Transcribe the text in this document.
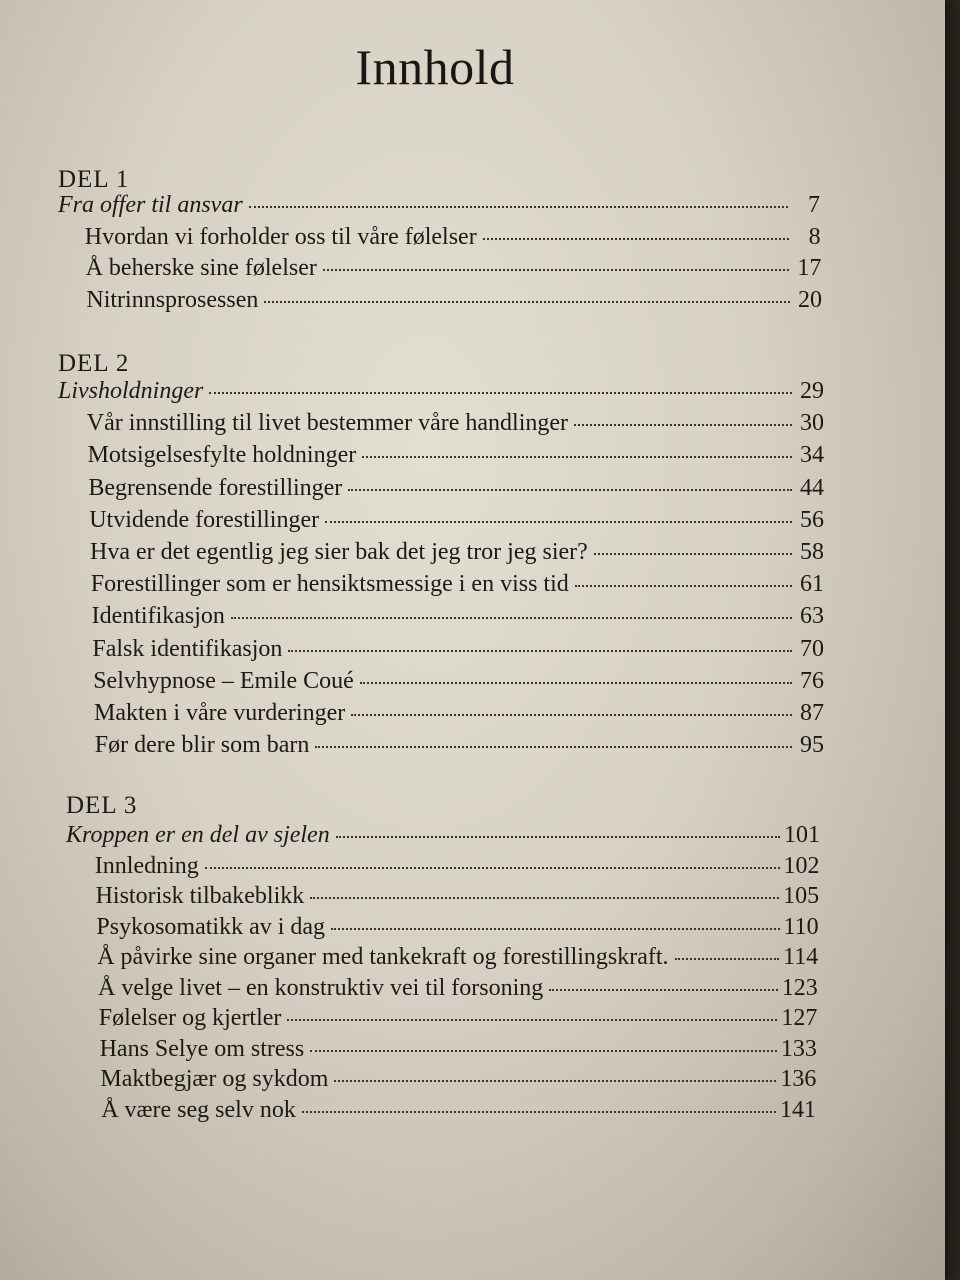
Innhold
DEL 1
Fra offer til ansvar	7
Hvordan vi forholder oss til våre følelser	8
Å beherske sine følelser	17
Nitrinnsprosessen	20
DEL 2
Livsholdninger	29
Vår innstilling til livet bestemmer våre handlinger	30
Motsigelsesfylte holdninger	34
Begrensende forestillinger	44
Utvidende forestillinger	56
Hva er det egentlig jeg sier bak det jeg tror jeg sier?	58
Forestillinger som er hensiktsmessige i en viss tid	61
Identifikasjon	63
Falsk identifikasjon	70
Selvhypnose – Emile Coué	76
Makten i våre vurderinger	87
Før dere blir som barn	95
DEL 3
Kroppen er en del av sjelen	101
Innledning	102
Historisk tilbakeblikk	105
Psykosomatikk av i dag	110
Å påvirke sine organer med tankekraft og forestillingskraft.	114
Å velge livet – en konstruktiv vei til forsoning	123
Følelser og kjertler	127
Hans Selye om stress	133
Maktbegjær og sykdom	136
Å være seg selv nok	141
